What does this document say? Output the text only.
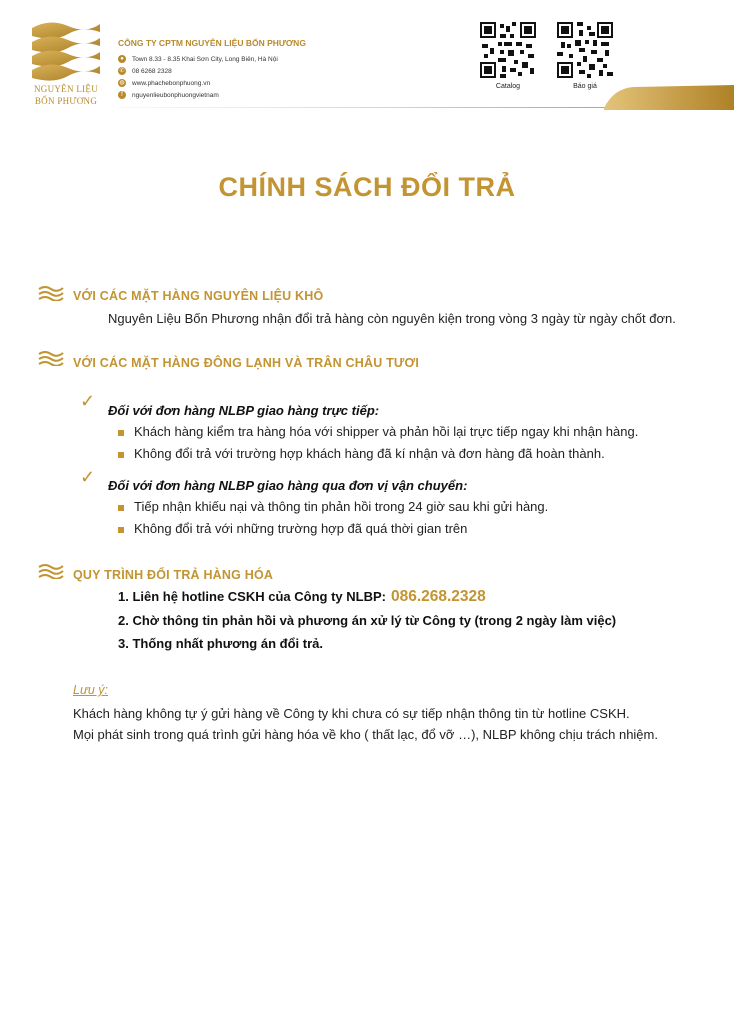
NGUYÊN LIỆU
BỐN PHƯƠNG
CÔNG TY CPTM NGUYÊN LIỆU BỐN PHƯƠNG
●	Town 8.33 - 8.35 Khai Sơn City, Long Biên, Hà Nội
✆ 08 6268 2328
◍ www.phachebonphuong.vn
f	nguyenlieubonphuongvietnam
Catalog	Báo giá
CHÍNH SÁCH ĐỔI TRẢ
VỚI CÁC MẶT HÀNG NGUYÊN LIỆU KHÔ
Nguyên Liệu Bốn Phương nhận đổi trả hàng còn nguyên kiện trong vòng 3 ngày từ ngày chốt đơn.
VỚI CÁC MẶT HÀNG ĐÔNG LẠNH VÀ TRÂN CHÂU TƯƠI
✓ Đối với đơn hàng NLBP giao hàng trực tiếp:
Khách hàng kiểm tra hàng hóa với shipper và phản hồi lại trực tiếp ngay khi nhận hàng.
Không đổi trả với trường hợp khách hàng đã kí nhận và đơn hàng đã hoàn thành.
✓ Đối với đơn hàng NLBP giao hàng qua đơn vị vận chuyển:
Tiếp nhận khiếu nại và thông tin phản hồi trong 24 giờ sau khi gửi hàng.
Không đổi trả với những trường hợp đã quá thời gian trên
QUY TRÌNH ĐỔI TRẢ HÀNG HÓA
1. Liên hệ hotline CSKH của Công ty NLBP: 086.268.2328
2. Chờ thông tin phản hồi và phương án xử lý từ Công ty (trong 2 ngày làm việc)
3. Thống nhất phương án đổi trả.
Lưu ý:
Khách hàng không tự ý gửi hàng về Công ty khi chưa có sự tiếp nhận thông tin từ hotline CSKH.
Mọi phát sinh trong quá trình gửi hàng hóa về kho ( thất lạc, đổ vỡ …), NLBP không chịu trách nhiệm.
